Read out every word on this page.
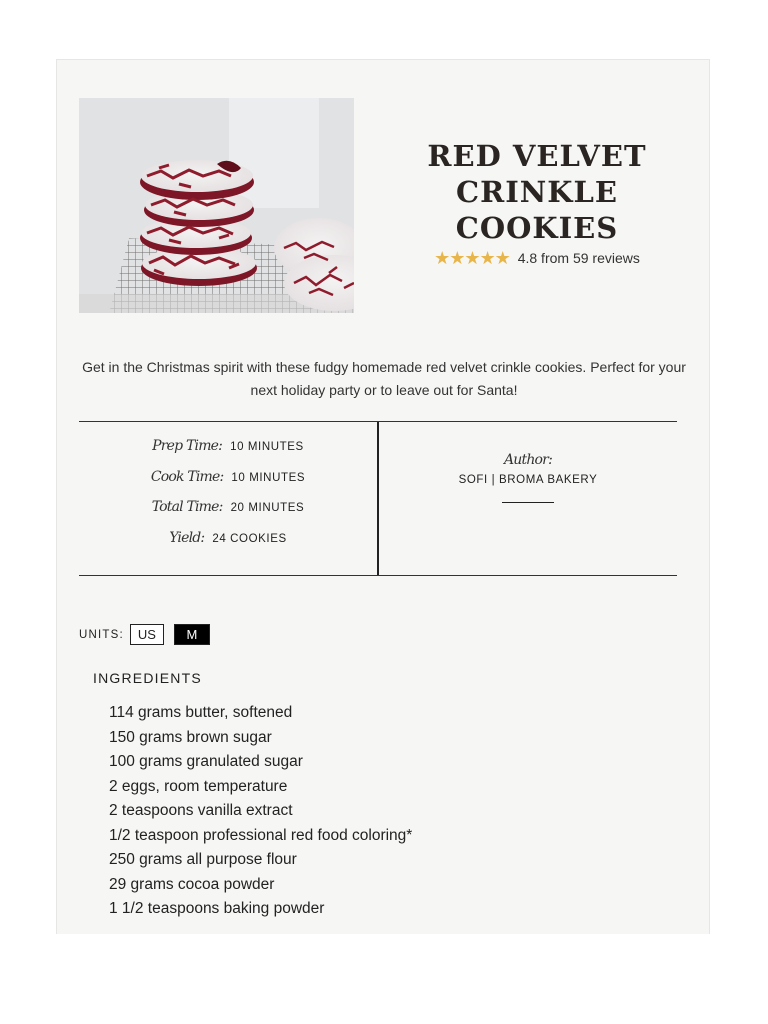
RED VELVET CRINKLE COOKIES
★★★★★ 4.8 from 59 reviews

Get in the Christmas spirit with these fudgy homemade red velvet crinkle cookies. Perfect for your next holiday party or to leave out for Santa!

Prep Time: 10 MINUTES
Cook Time: 10 MINUTES
Total Time: 20 MINUTES
Yield: 24 COOKIES
Author:
SOFI | BROMA BAKERY
UNITS:	US	M
INGREDIENTS
114 grams butter, softened
150 grams brown sugar
100 grams granulated sugar
2 eggs, room temperature
2 teaspoons vanilla extract
1/2 teaspoon professional red food coloring*
250 grams all purpose flour
29 grams cocoa powder
1 1/2 teaspoons baking powder
